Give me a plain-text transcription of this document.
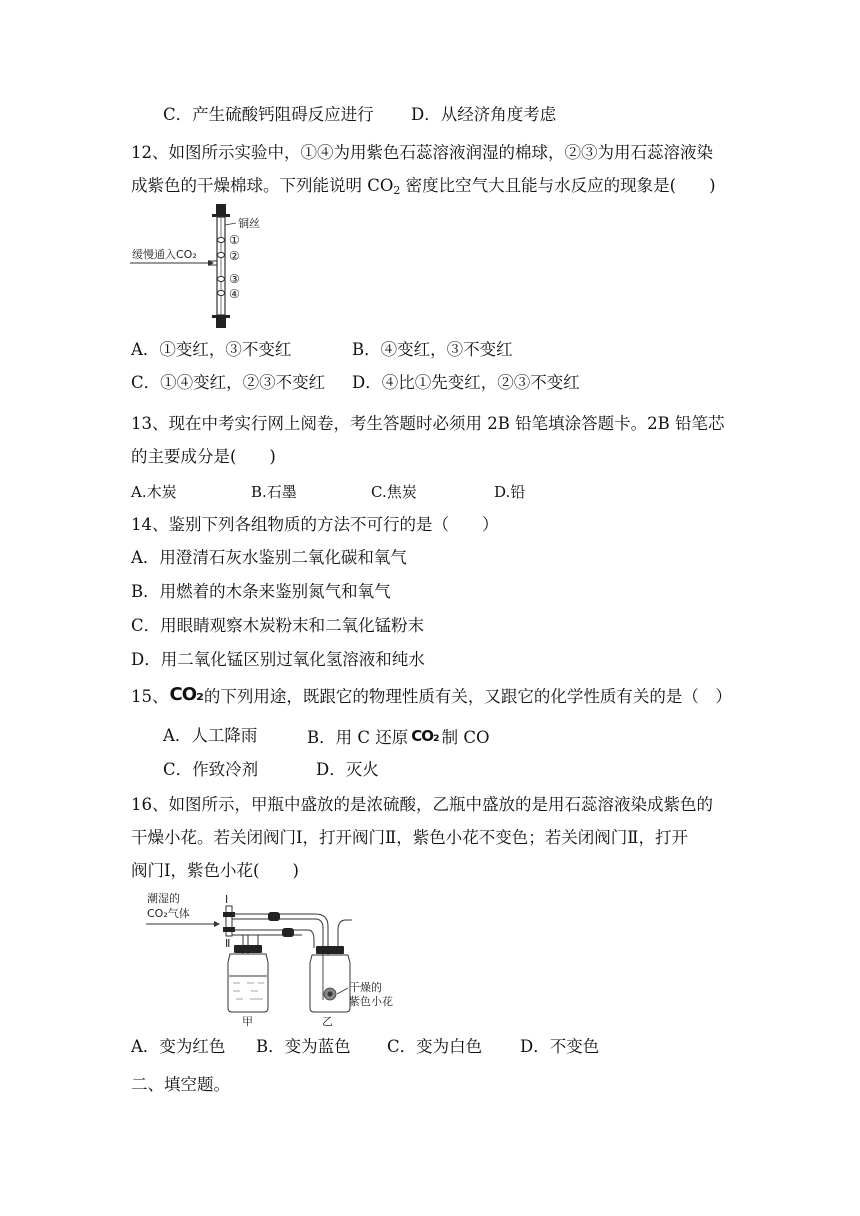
C．产生硫酸钙阻碍反应进行 D．从经济角度考虑
12、如图所示实验中，①④为用紫色石蕊溶液润湿的棉球，②③为用石蕊溶液染
成紫色的干燥棉球。下列能说明 $CO_2$ 密度比空气大且能与水反应的现象是(　　)
缓慢通入CO₂
铜丝
①
②
③
④
A．①变红，③不变红	B．④变红，③不变红
C．①④变红，②③不变红 D．④比①先变红，②③不变红
13、现在中考实行网上阅卷，考生答题时必须用 2B 铅笔填涂答题卡。2B 铅笔芯
的主要成分是(　　)
A.木炭	B.石墨	C.焦炭	D.铅
14、鉴别下列各组物质的方法不可行的是（　　）
A．用澄清石灰水鉴别二氧化碳和氧气
B．用燃着的木条来鉴别氮气和氧气
C．用眼睛观察木炭粉末和二氧化锰粉末
D．用二氧化锰区别过氧化氢溶液和纯水
15、CO₂的下列用途，既跟它的物理性质有关，又跟它的化学性质有关的是（　）
A．人工降雨	B．用 C 还原 CO₂ 制 CO
C．作致冷剂	D．灭火
16、如图所示，甲瓶中盛放的是浓硫酸，乙瓶中盛放的是用石蕊溶液染成紫色的
干燥小花。若关闭阀门Ⅰ，打开阀门Ⅱ，紫色小花不变色；若关闭阀门Ⅱ，打开
阀门Ⅰ，紫色小花(　　)
潮湿的
CO₂气体
Ⅰ
Ⅱ
甲
干燥的
紫色小花
乙
A．变为红色 B．变为蓝色 C．变为白色 D．不变色
二、填空题。
